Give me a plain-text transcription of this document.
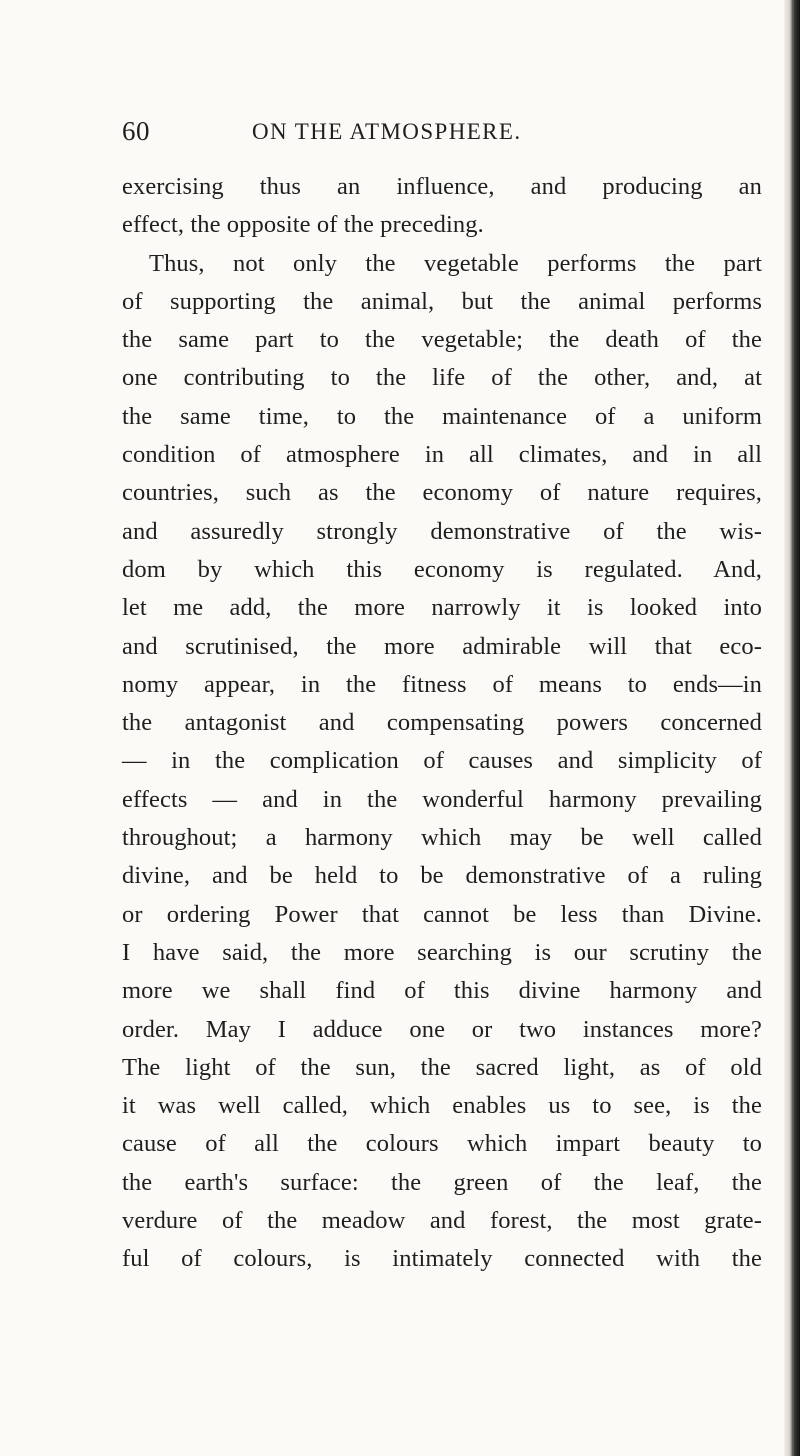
60	ON THE ATMOSPHERE.
exercising thus an influence, and producing an
effect, the opposite of the preceding.
Thus, not only the vegetable performs the part
of supporting the animal, but the animal performs
the same part to the vegetable; the death of the
one contributing to the life of the other, and, at
the same time, to the maintenance of a uniform
condition of atmosphere in all climates, and in all
countries, such as the economy of nature requires,
and assuredly strongly demonstrative of the wis-
dom by which this economy is regulated. And,
let me add, the more narrowly it is looked into
and scrutinised, the more admirable will that eco-
nomy appear, in the fitness of means to ends—in
the antagonist and compensating powers concerned
— in the complication of causes and simplicity of
effects — and in the wonderful harmony prevailing
throughout; a harmony which may be well called
divine, and be held to be demonstrative of a ruling
or ordering Power that cannot be less than Divine.
I have said, the more searching is our scrutiny the
more we shall find of this divine harmony and
order. May I adduce one or two instances more?
The light of the sun, the sacred light, as of old
it was well called, which enables us to see, is the
cause of all the colours which impart beauty to
the earth's surface: the green of the leaf, the
verdure of the meadow and forest, the most grate-
ful of colours, is intimately connected with the
